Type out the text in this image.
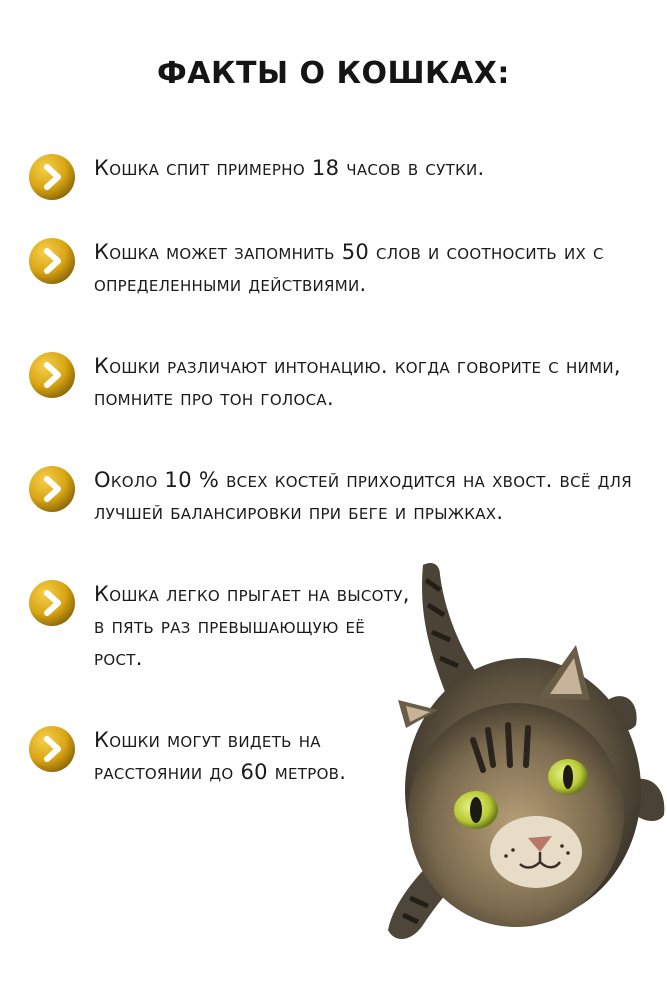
ФАКТЫ О КОШКАХ:
Кошка спит примерно 18 часов в сутки.
Кошка может запомнить 50 слов и соотносить их с определенными действиями.
Кошки различают интонацию. когда говорите с ними, помните про тон голоса.
Около 10 % всех костей приходится на хвост. всё для лучшей балансировки при беге и прыжках.
Кошка легко прыгает на высоту, в пять раз превышающую её рост.
Кошки могут видеть на расстоянии до 60 метров.
